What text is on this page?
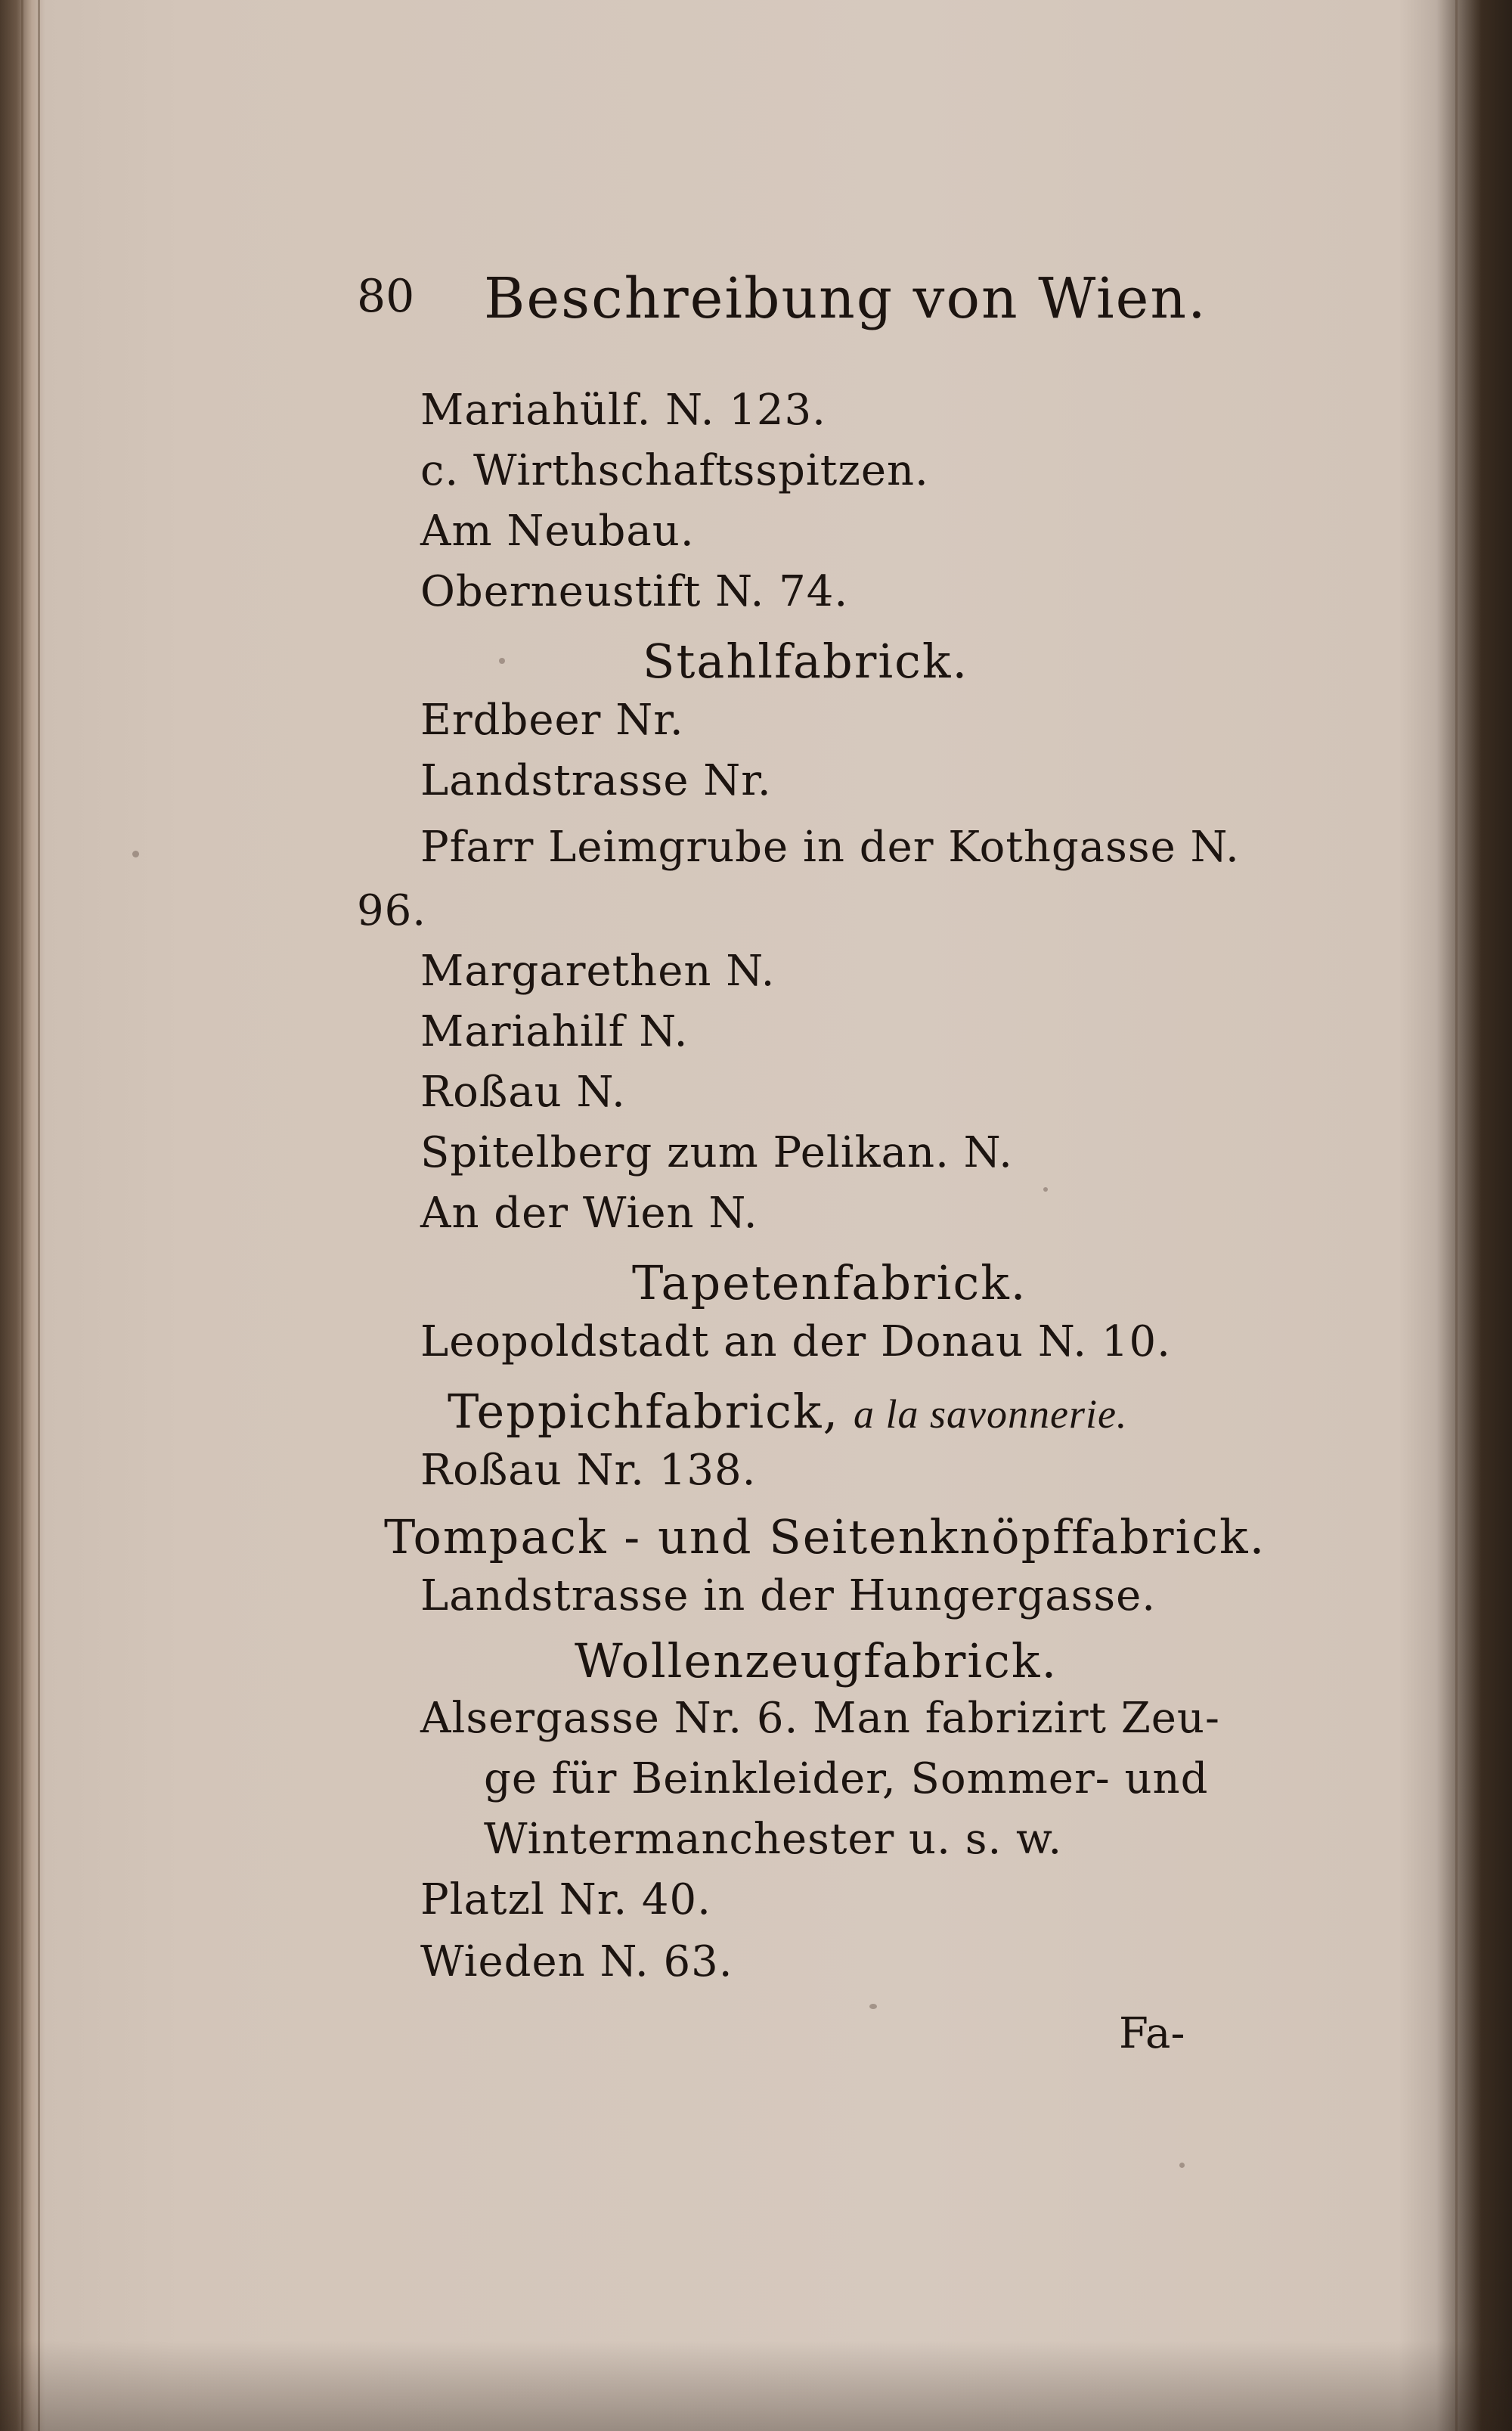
80 Beschreibung von Wien.
Mariahülf. N. 123.
c. Wirthschaftsspitzen.
Am Neubau.
Oberneustift N. 74.
Stahlfabrick.
Erdbeer Nr.
Landstrasse Nr.
Pfarr Leimgrube in der Kothgasse N.
96.
Margarethen N.
Mariahilf N.
Roßau N.
Spitelberg zum Pelikan. N.
An der Wien N.
Tapetenfabrick.
Leopoldstadt an der Donau N. 10.
Teppichfabrick, a la savonnerie.
Roßau Nr. 138.
Tompack - und Seitenknöpffabrick.
Landstrasse in der Hungergasse.
Wollenzeugfabrick.
Alsergasse Nr. 6. Man fabrizirt Zeu-
ge für Beinkleider, Sommer- und
Wintermanchester u. s. w.
Platzl Nr. 40.
Wieden N. 63.
Fa-
